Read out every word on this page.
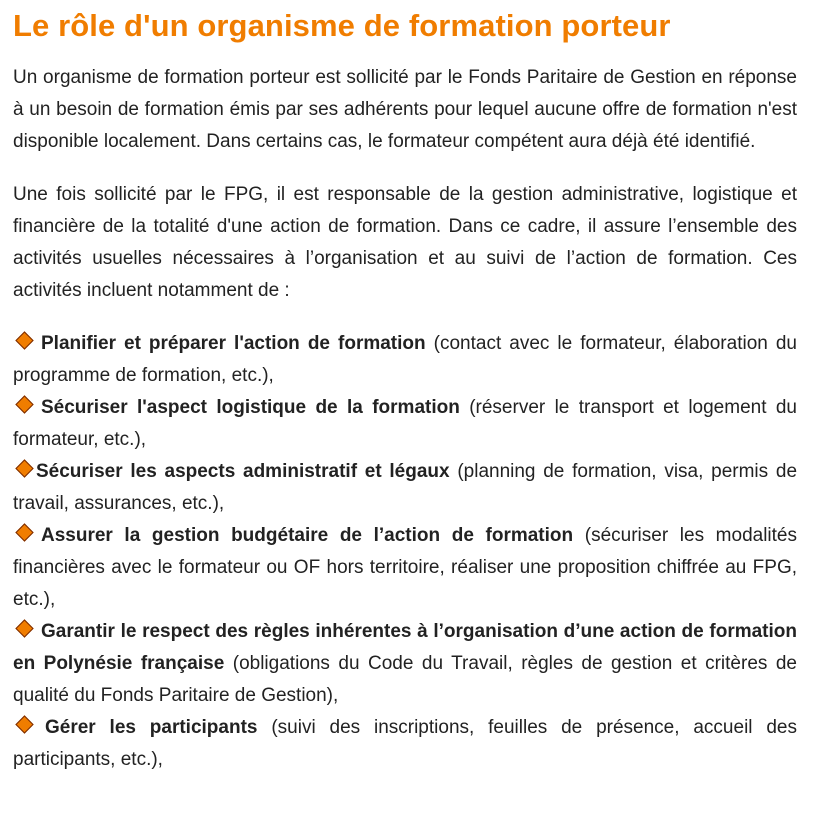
Le rôle d'un organisme de formation porteur

Un organisme de formation porteur est sollicité par le Fonds Paritaire de Gestion en réponse à un besoin de formation émis par ses adhérents pour lequel aucune offre de formation n'est disponible localement. Dans certains cas, le formateur compétent aura déjà été identifié.

Une fois sollicité par le FPG, il est responsable de la gestion administrative, logistique et financière de la totalité d'une action de formation. Dans ce cadre, il assure l’ensemble des activités usuelles nécessaires à l’organisation et au suivi de l’action de formation. Ces activités incluent notamment de :

Planifier et préparer l'action de formation (contact avec le formateur, élaboration du programme de formation, etc.),
Sécuriser l'aspect logistique de la formation (réserver le transport et logement du formateur, etc.),
Sécuriser les aspects administratif et légaux (planning de formation, visa, permis de travail, assurances, etc.),
Assurer la gestion budgétaire de l’action de formation (sécuriser les modalités financières avec le formateur ou OF hors territoire, réaliser une proposition chiffrée au FPG, etc.),
Garantir le respect des règles inhérentes à l’organisation d’une action de formation en Polynésie française (obligations du Code du Travail, règles de gestion et critères de qualité du Fonds Paritaire de Gestion),
Gérer les participants (suivi des inscriptions, feuilles de présence, accueil des participants, etc.),
